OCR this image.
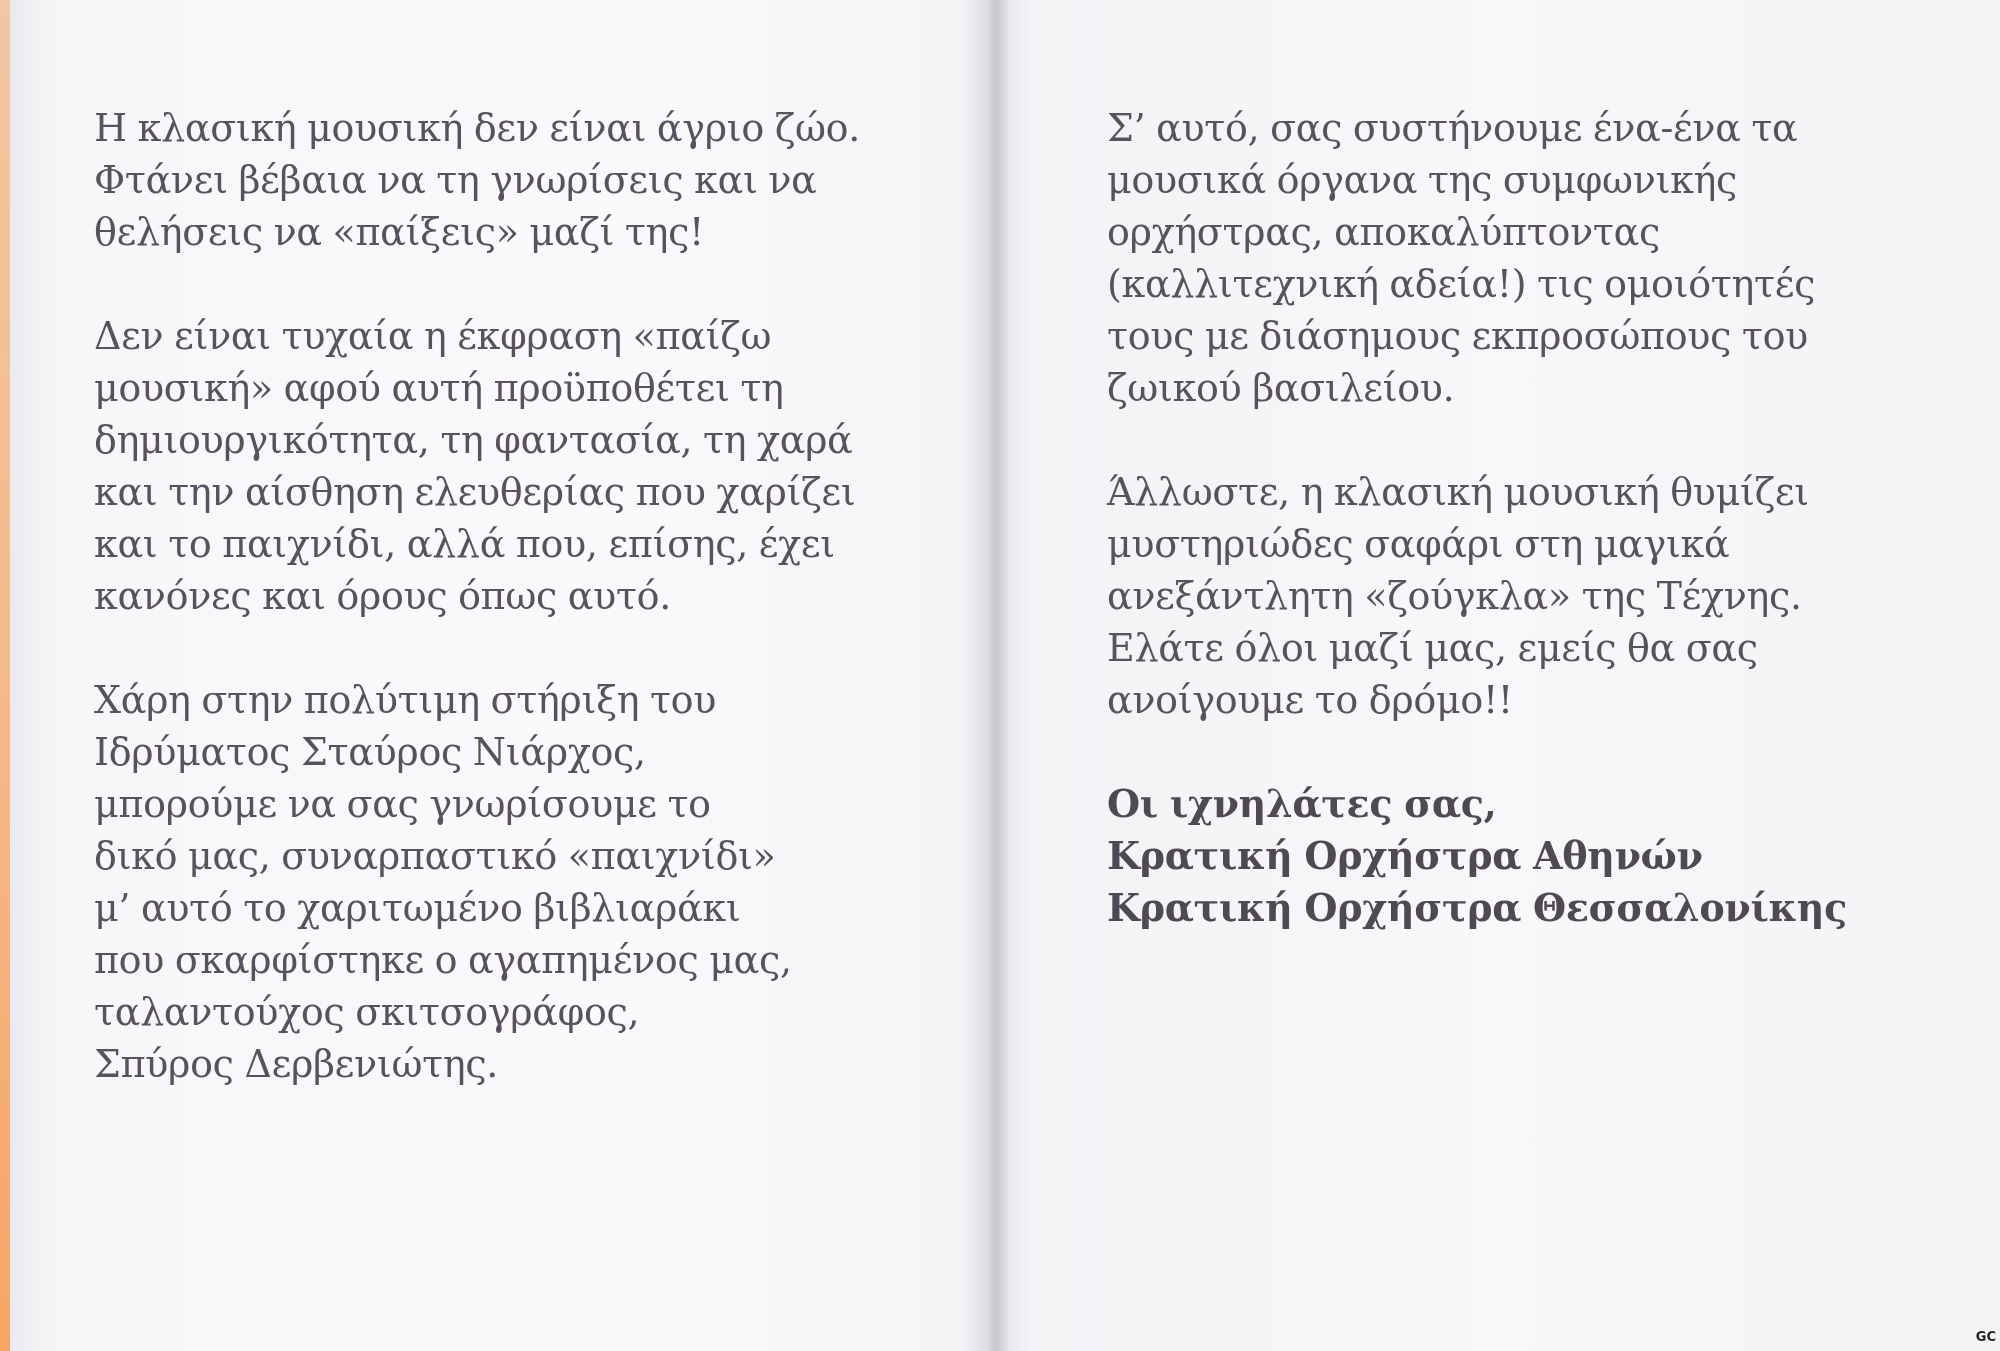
Η κλασική μουσική δεν είναι άγριο ζώο.
Φτάνει βέβαια να τη γνωρίσεις και να
θελήσεις να «παίξεις» μαζί της!
Δεν είναι τυχαία η έκφραση «παίζω
μουσική» αφού αυτή προϋποθέτει τη
δημιουργικότητα, τη φαντασία, τη χαρά
και την αίσθηση ελευθερίας που χαρίζει
και το παιχνίδι, αλλά που, επίσης, έχει
κανόνες και όρους όπως αυτό.
Χάρη στην πολύτιμη στήριξη του
Ιδρύματος Σταύρος Νιάρχος,
μπορούμε να σας γνωρίσουμε το
δικό μας, συναρπαστικό «παιχνίδι»
μ’ αυτό το χαριτωμένο βιβλιαράκι
που σκαρφίστηκε ο αγαπημένος μας,
ταλαντούχος σκιτσογράφος,
Σπύρος Δερβενιώτης.
Σ’ αυτό, σας συστήνουμε ένα-ένα τα
μουσικά όργανα της συμφωνικής
ορχήστρας, αποκαλύπτοντας
(καλλιτεχνική αδεία!) τις ομοιότητές
τους με διάσημους εκπροσώπους του
ζωικού βασιλείου.
Άλλωστε, η κλασική μουσική θυμίζει
μυστηριώδες σαφάρι στη μαγικά
ανεξάντλητη «ζούγκλα» της Τέχνης.
Ελάτε όλοι μαζί μας, εμείς θα σας
ανοίγουμε το δρόμο!!
Οι ιχνηλάτες σας,
Κρατική Ορχήστρα Αθηνών
Κρατική Ορχήστρα Θεσσαλονίκης
GC
